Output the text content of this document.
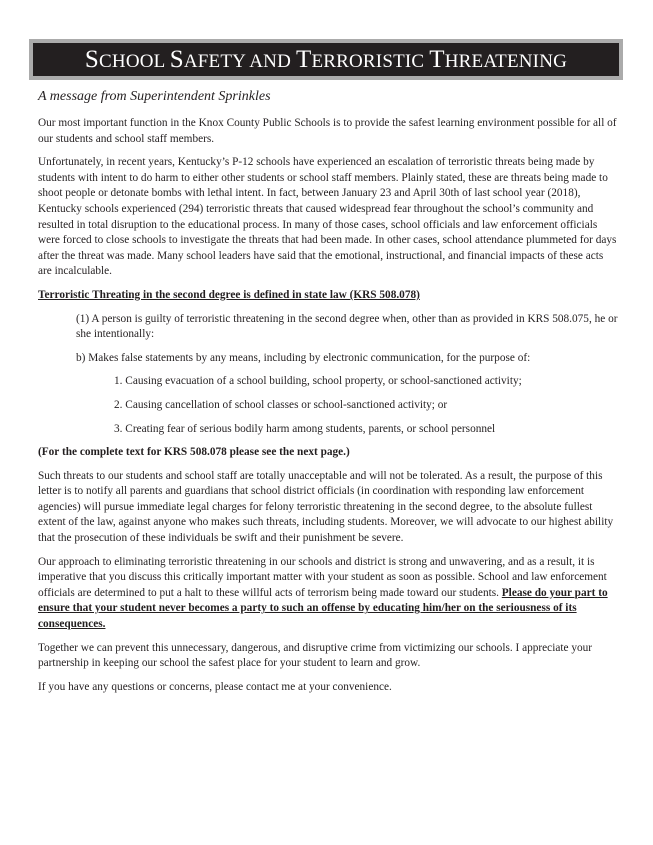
SCHOOL SAFETY AND TERRORISTIC THREATENING
A message from Superintendent Sprinkles

Our most important function in the Knox County Public Schools is to provide the safest learning environment possible for all of our students and school staff members.

Unfortunately, in recent years, Kentucky’s P-12 schools have experienced an escalation of terroristic threats being made by students with intent to do harm to either other students or school staff members. Plainly stated, these are threats being made to shoot people or detonate bombs with lethal intent. In fact, between January 23 and April 30th of last school year (2018), Kentucky schools experienced (294) terroristic threats that caused widespread fear throughout the school’s community and resulted in total disruption to the educational process. In many of those cases, school officials and law enforcement officials were forced to close schools to investigate the threats that had been made. In other cases, school attendance plummeted for days after the threat was made. Many school leaders have said that the emotional, instructional, and financial impacts of these acts are incalculable.

Terroristic Threating in the second degree is defined in state law (KRS 508.078)

(1) A person is guilty of terroristic threatening in the second degree when, other than as provided in KRS 508.075, he or she intentionally:

b) Makes false statements by any means, including by electronic communication, for the purpose of:

1. Causing evacuation of a school building, school property, or school-sanctioned activity;

2. Causing cancellation of school classes or school-sanctioned activity; or

3. Creating fear of serious bodily harm among students, parents, or school personnel

(For the complete text for KRS 508.078 please see the next page.)

Such threats to our students and school staff are totally unacceptable and will not be tolerated. As a result, the purpose of this letter is to notify all parents and guardians that school district officials (in coordination with responding law enforcement agencies) will pursue immediate legal charges for felony terroristic threatening in the second degree, to the absolute fullest extent of the law, against anyone who makes such threats, including students. Moreover, we will advocate to our highest ability that the prosecution of these individuals be swift and their punishment be severe.

Our approach to eliminating terroristic threatening in our schools and district is strong and unwavering, and as a result, it is imperative that you discuss this critically important matter with your student as soon as possible. School and law enforcement officials are determined to put a halt to these willful acts of terrorism being made toward our students. Please do your part to ensure that your student never becomes a party to such an offense by educating him/her on the seriousness of its consequences.

Together we can prevent this unnecessary, dangerous, and disruptive crime from victimizing our schools. I appreciate your partnership in keeping our school the safest place for your student to learn and grow.

If you have any questions or concerns, please contact me at your convenience.
